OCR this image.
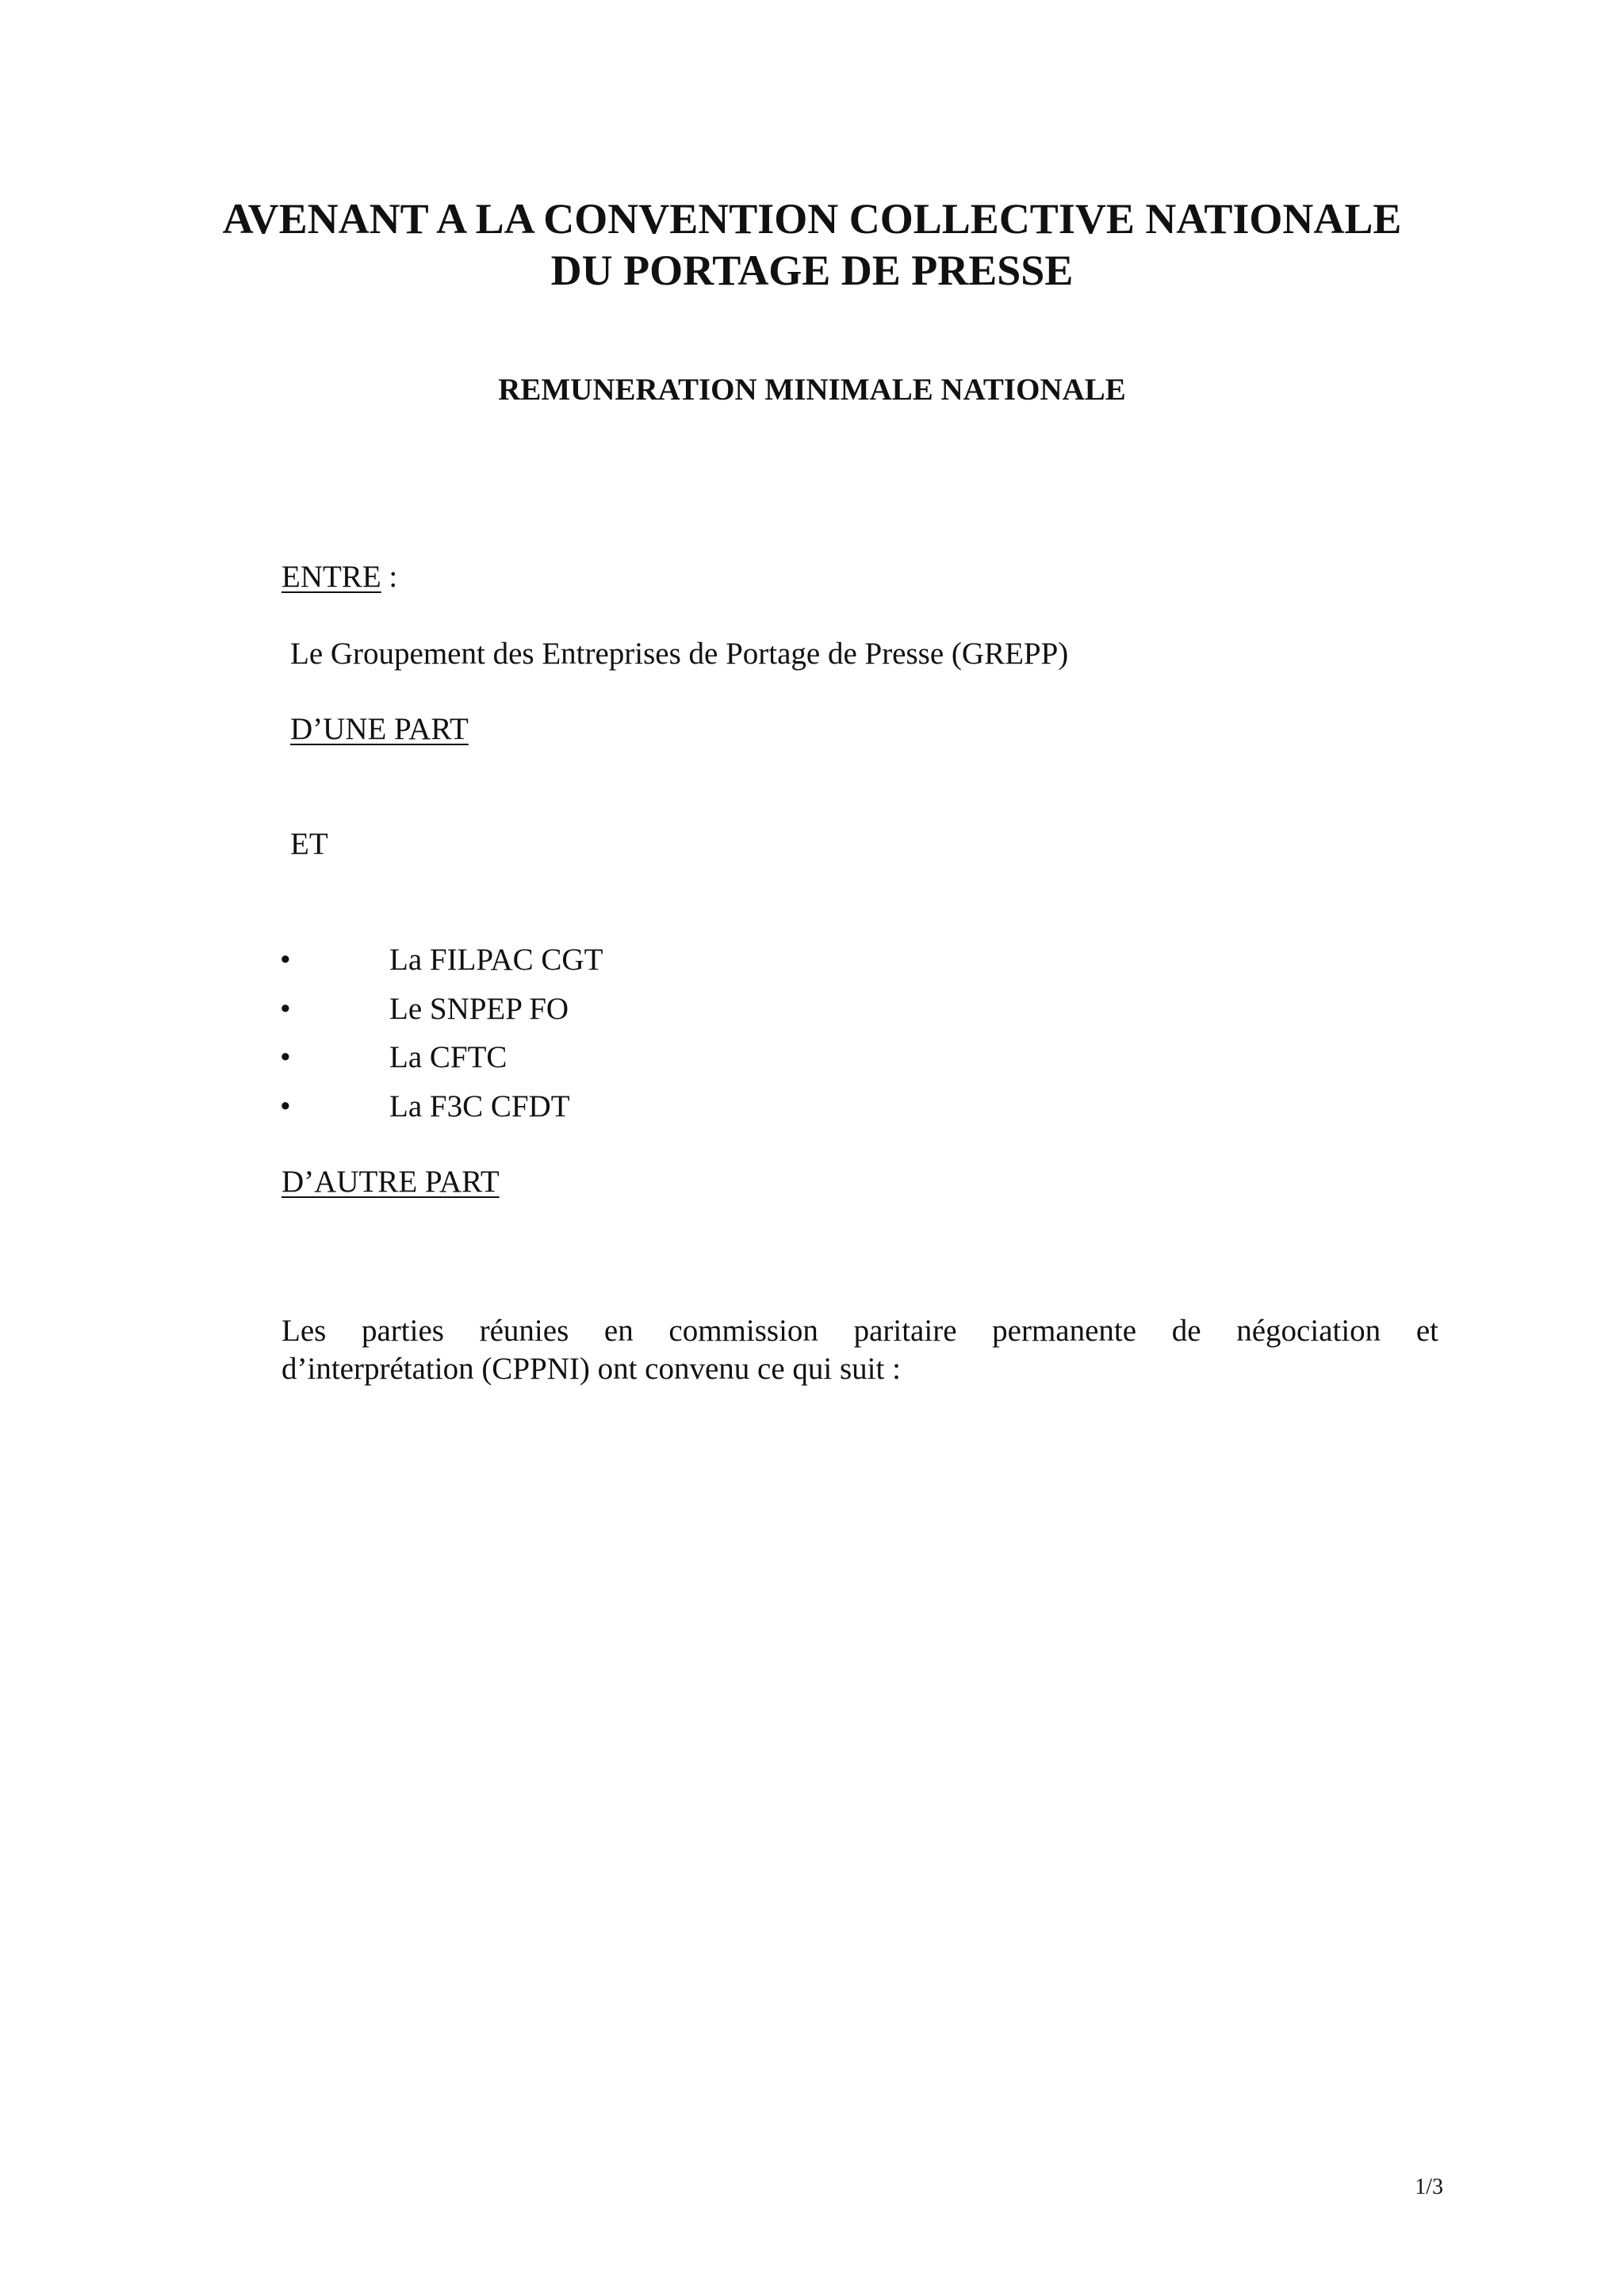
AVENANT A LA CONVENTION COLLECTIVE NATIONALE
DU PORTAGE DE PRESSE
REMUNERATION MINIMALE NATIONALE

ENTRE :

Le Groupement des Entreprises de Portage de Presse (GREPP)

D’UNE PART

ET

•	La FILPAC CGT
•	Le SNPEP FO
•	La CFTC
•	La F3C CFDT

D’AUTRE PART

Les parties réunies en commission paritaire permanente de négociation et
d’interprétation (CPPNI) ont convenu ce qui suit :

1/3
